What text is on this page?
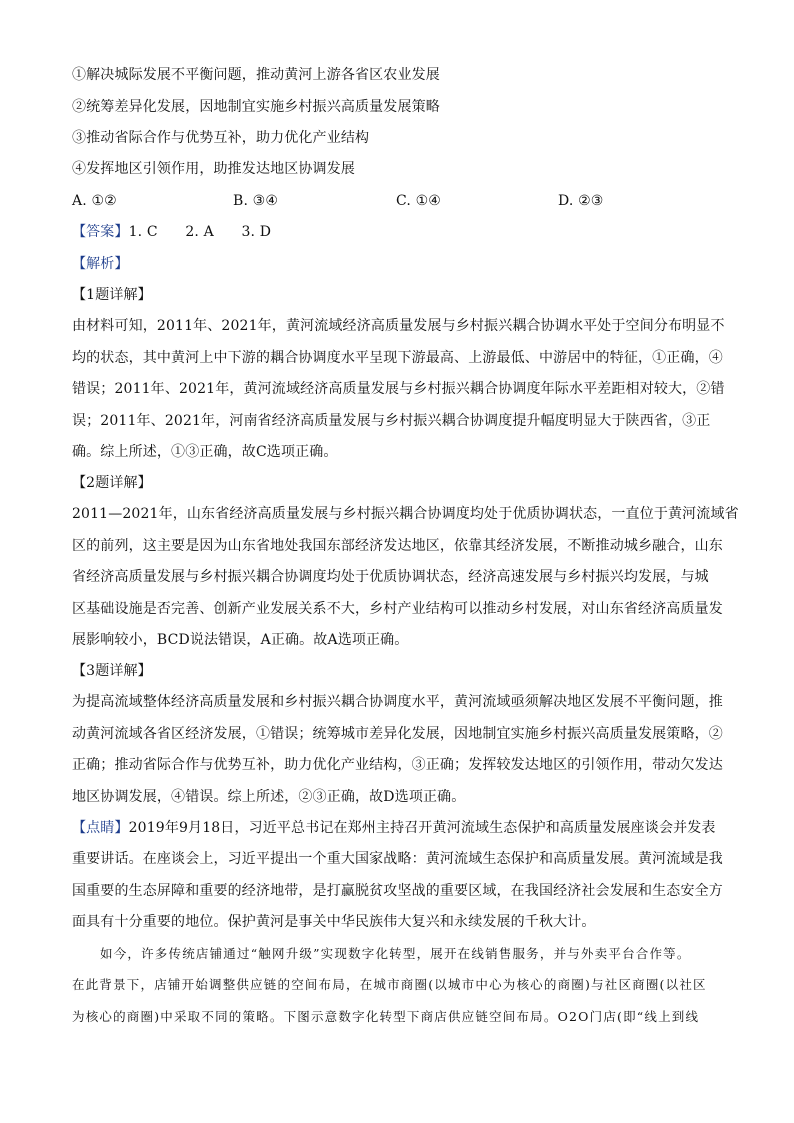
①解决城际发展不平衡问题，推动黄河上游各省区农业发展
②统筹差异化发展，因地制宜实施乡村振兴高质量发展策略
③推动省际合作与优势互补，助力优化产业结构
④发挥地区引领作用，助推发达地区协调发展
A. ①②	B. ③④	C. ①④	D. ②③
【答案】1. C      2. A      3. D
【解析】
【1题详解】
由材料可知，2011年、2021年，黄河流域经济高质量发展与乡村振兴耦合协调水平处于空间分布明显不
均的状态，其中黄河上中下游的耦合协调度水平呈现下游最高、上游最低、中游居中的特征，①正确，④
错误；2011年、2021年，黄河流域经济高质量发展与乡村振兴耦合协调度年际水平差距相对较大，②错
误；2011年、2021年，河南省经济高质量发展与乡村振兴耦合协调度提升幅度明显大于陕西省，③正
确。综上所述，①③正确，故C选项正确。
【2题详解】
2011—2021年，山东省经济高质量发展与乡村振兴耦合协调度均处于优质协调状态，一直位于黄河流域省
区的前列，这主要是因为山东省地处我国东部经济发达地区，依靠其经济发展，不断推动城乡融合，山东
省经济高质量发展与乡村振兴耦合协调度均处于优质协调状态，经济高速发展与乡村振兴均发展，与城
区基础设施是否完善、创新产业发展关系不大，乡村产业结构可以推动乡村发展，对山东省经济高质量发
展影响较小，BCD说法错误，A正确。故A选项正确。
【3题详解】
为提高流域整体经济高质量发展和乡村振兴耦合协调度水平，黄河流域亟须解决地区发展不平衡问题，推
动黄河流域各省区经济发展，①错误；统筹城市差异化发展，因地制宜实施乡村振兴高质量发展策略，②
正确；推动省际合作与优势互补，助力优化产业结构，③正确；发挥较发达地区的引领作用，带动欠发达
地区协调发展，④错误。综上所述，②③正确，故D选项正确。
【点睛】2019年9月18日，习近平总书记在郑州主持召开黄河流域生态保护和高质量发展座谈会并发表
重要讲话。在座谈会上，习近平提出一个重大国家战略：黄河流域生态保护和高质量发展。黄河流域是我
国重要的生态屏障和重要的经济地带，是打赢脱贫攻坚战的重要区域，在我国经济社会发展和生态安全方
面具有十分重要的地位。保护黄河是事关中华民族伟大复兴和永续发展的千秋大计。
如今，许多传统店铺通过“触网升级”实现数字化转型，展开在线销售服务，并与外卖平台合作等。
在此背景下，店铺开始调整供应链的空间布局，在城市商圈(以城市中心为核心的商圈)与社区商圈(以社区
为核心的商圈)中采取不同的策略。下图示意数字化转型下商店供应链空间布局。O2O门店(即“线上到线
